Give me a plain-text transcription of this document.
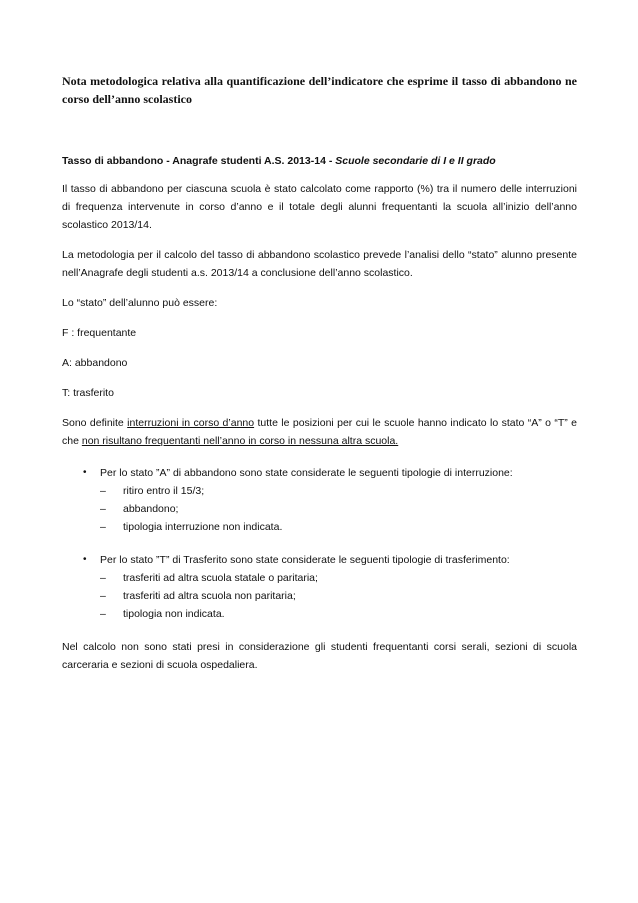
Nota metodologica relativa alla quantificazione dell’indicatore che esprime il tasso di abbandono ne corso dell’anno scolastico

Tasso di abbandono - Anagrafe studenti A.S. 2013-14 - Scuole secondarie di I e II grado

Il tasso di abbandono per ciascuna scuola è stato calcolato come rapporto (%) tra il numero delle interruzioni di frequenza intervenute in corso d’anno e il totale degli alunni frequentanti la scuola all’inizio dell’anno scolastico 2013/14.

La metodologia per il calcolo del tasso di abbandono scolastico prevede l’analisi dello “stato” alunno presente nell’Anagrafe degli studenti a.s. 2013/14 a conclusione dell’anno scolastico.

Lo “stato” dell’alunno può essere:

F : frequentante

A: abbandono

T: trasferito

Sono definite interruzioni in corso d’anno tutte le posizioni per cui le scuole hanno indicato lo stato “A” o “T” e che non risultano frequentanti nell’anno in corso in nessuna altra scuola.

• Per lo stato ”A” di abbandono sono state considerate le seguenti tipologie di interruzione:
– ritiro entro il 15/3;
– abbandono;
– tipologia interruzione non indicata.
• Per lo stato ”T” di Trasferito sono state considerate le seguenti tipologie di trasferimento:
– trasferiti ad altra scuola statale o paritaria;
– trasferiti ad altra scuola non paritaria;
– tipologia non indicata.

Nel calcolo non sono stati presi in considerazione gli studenti frequentanti corsi serali, sezioni di scuola carceraria e sezioni di scuola ospedaliera.
